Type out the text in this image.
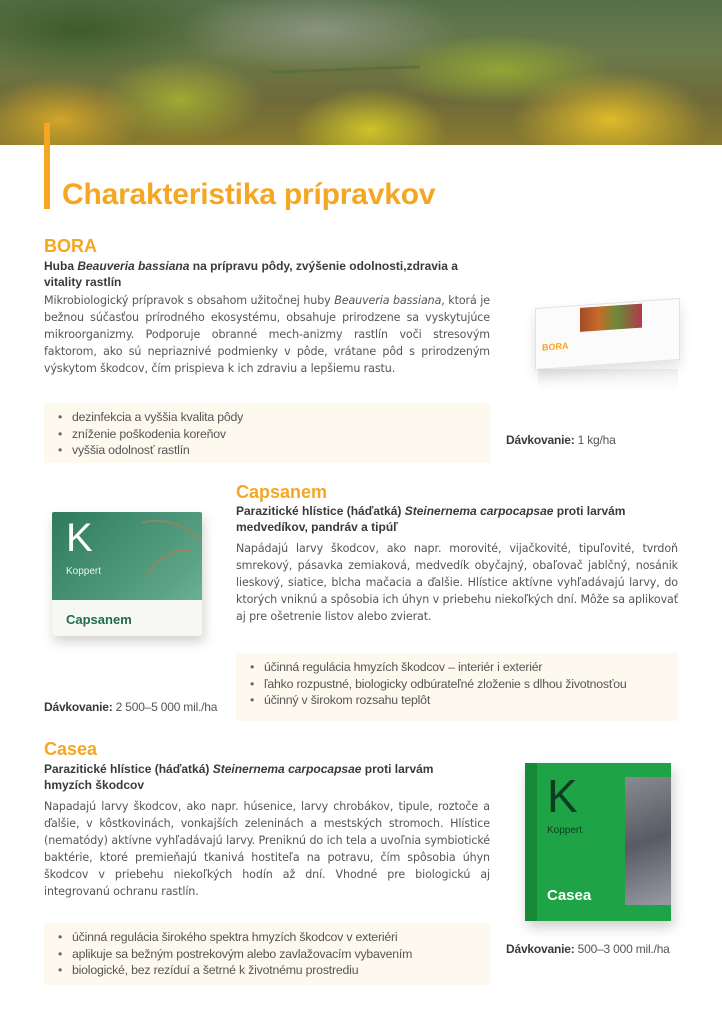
Charakteristika prípravkov
BORA
Huba Beauveria bassiana na prípravu pôdy, zvýšenie odolnosti,zdravia a vitality rastlín

Mikrobiologický prípravok s obsahom užitočnej huby Beauveria bassiana, ktorá je bežnou súčasťou prírodného ekosystému, obsahuje prirodzene sa vyskytujúce mikroorganizmy. Podporuje obranné mech-anizmy rastlín voči stresovým faktorom, ako sú nepriaznivé podmienky v pôde, vrátane pôd s prirodzeným výskytom škodcov, čím prispieva k ich zdraviu a lepšiemu rastu.

• dezinfekcia a vyššia kvalita pôdy
• zníženie poškodenia koreňov
• vyššia odolnosť rastlín
Dávkovanie: 1 kg/ha
BORA
K
Koppert
Capsanem
Capsanem
Parazitické hlístice (háďatká) Steinernema carpocapsae proti larvám medvedíkov, pandráv a tipúľ

Napádajú larvy škodcov, ako napr. morovité, vijačkovité, tipuľovité, tvrdoň smrekový, pásavka zemiaková, medvedík obyčajný, obaľovač jablčný, nosánik lieskový, siatice, blcha mačacia a ďalšie. Hlístice aktívne vyhľadávajú larvy, do ktorých vniknú a spôsobia ich úhyn v priebehu niekoľkých dní. Môže sa aplikovať aj pre ošetrenie listov alebo zvierat.

• účinná regulácia hmyzích škodcov – interiér i exteriér
• ľahko rozpustné, biologicky odbúrateľné zloženie s dlhou životnosťou
• účinný v širokom rozsahu teplôt
Dávkovanie: 2 500–5 000 mil./ha
Casea
Parazitické hlístice (háďatká) Steinernema carpocapsae proti larvám hmyzích škodcov

Napadajú larvy škodcov, ako napr. húsenice, larvy chrobákov, tipule, roztoče a ďalšie, v kôstkovinách, vonkajších zeleninách a mestských stromoch. Hlístice (nematódy) aktívne vyhľadávajú larvy. Preniknú do ich tela a uvoľnia symbiotické baktérie, ktoré premieňajú tkanivá hostiteľa na potravu, čím spôsobia úhyn škodcov v priebehu niekoľkých hodín až dní. Vhodné pre biologickú aj integrovanú ochranu rastlín.

• účinná regulácia širokého spektra hmyzích škodcov v exteriéri
• aplikuje sa bežným postrekovým alebo zavlažovacím vybavením
• biologické, bez rezíduí a šetrné k životnému prostrediu
Dávkovanie: 500–3 000 mil./ha
K
Koppert
Casea
